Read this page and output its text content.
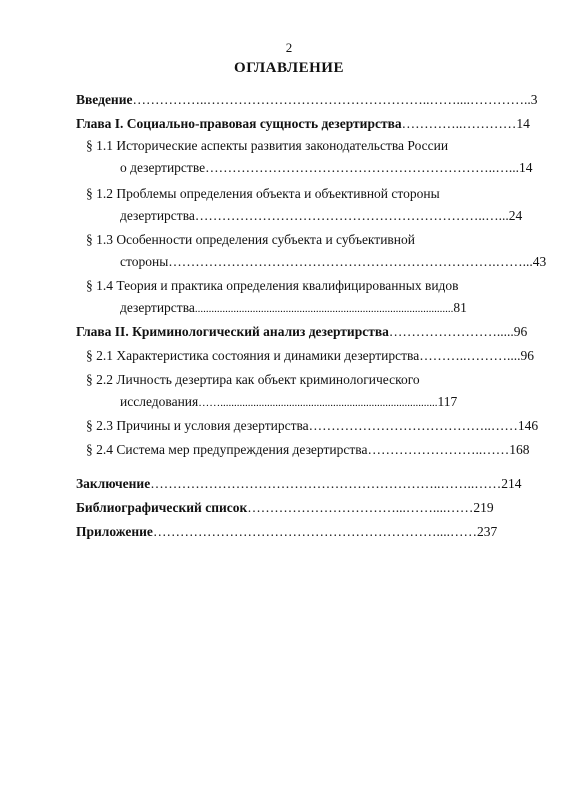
2
ОГЛАВЛЕНИЕ
Введение……………..…………………………………………..……....…………..3
Глава I. Социально-правовая сущность дезертирства…………..…………14
§ 1.1 Исторические аспекты развития законодательства России
о дезертирстве………………………………………………………..…...14
§ 1.2 Проблемы определения объекта и объективной стороны
дезертирства………………………………………………………..…...24
§ 1.3 Особенности определения субъекта и субъективной
стороны……………………………………………………………….……...43
§ 1.4 Теория и практика определения квалифицированных видов
дезертирства..............................................................................................81
Глава II. Криминологический анализ дезертирства…………………….....96
§ 2.1 Характеристика состояния и динамики дезертирства………..………....96
§ 2.2 Личность дезертира как объект криминологического
исследования……...............................................................................117
§ 2.3 Причины и условия дезертирства…………………………………..……146
§ 2.4 Система мер предупреждения дезертирства……………………..……168
Заключение………………………………………………………..……..……214
Библиографический список……………………………...……....……219
Приложение………………………………………………………....……237
